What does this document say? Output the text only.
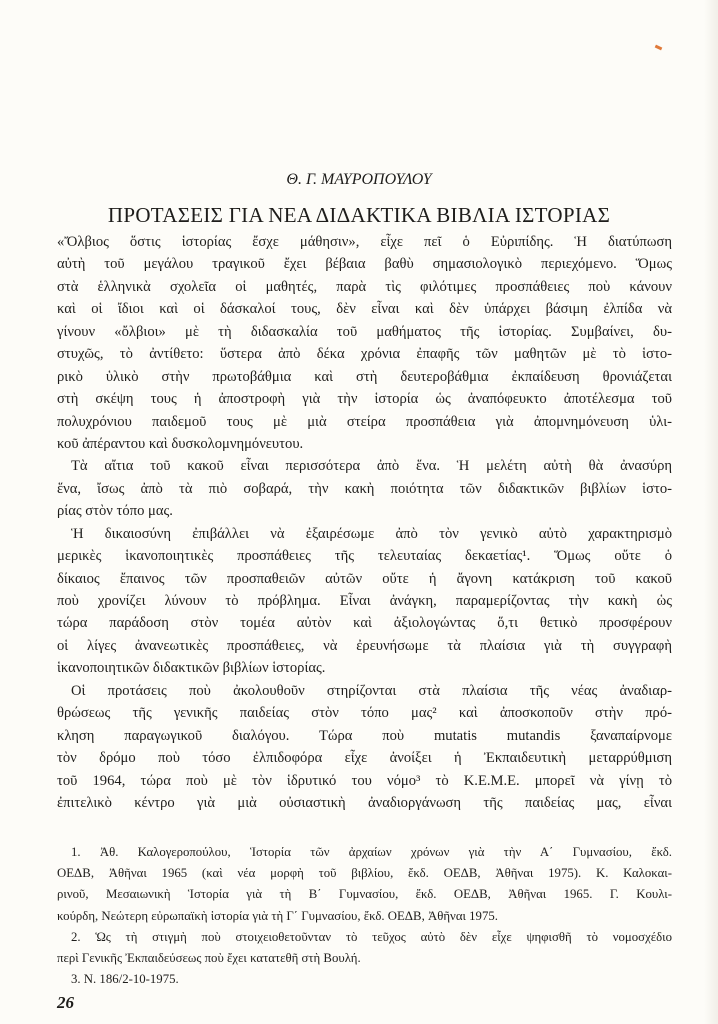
Θ. Γ. ΜΑΥΡΟΠΟΥΛΟΥ
ΠΡΟΤΑΣΕΙΣ ΓΙΑ ΝΕΑ ΔΙΔΑΚΤΙΚΑ ΒΙΒΛΙΑ ΙΣΤΟΡΙΑΣ
«Ὄλβιος ὅστις ἱστορίας ἔσχε μάθησιν», εἶχε πεῖ ὁ Εὐριπίδης. Ἡ διατύπωση
αὐτὴ τοῦ μεγάλου τραγικοῦ ἔχει βέβαια βαθὺ σημασιολογικὸ περιεχόμενο. Ὅμως
στὰ ἑλληνικὰ σχολεῖα οἱ μαθητές, παρὰ τὶς φιλότιμες προσπάθειες ποὺ κάνουν
καὶ οἱ ἴδιοι καὶ οἱ δάσκαλοί τους, δὲν εἶναι καὶ δὲν ὑπάρχει βάσιμη ἐλπίδα νὰ
γίνουν «ὄλβιοι» μὲ τὴ διδασκαλία τοῦ μαθήματος τῆς ἱστορίας. Συμβαίνει, δυ-
στυχῶς, τὸ ἀντίθετο: ὕστερα ἀπὸ δέκα χρόνια ἐπαφῆς τῶν μαθητῶν μὲ τὸ ἱστο-
ρικὸ ὑλικὸ στὴν πρωτοβάθμια καὶ στὴ δευτεροβάθμια ἐκπαίδευση θρονιάζεται
στὴ σκέψη τους ἡ ἀποστροφὴ γιὰ τὴν ἱστορία ὡς ἀναπόφευκτο ἀποτέλεσμα τοῦ
πολυχρόνιου παιδεμοῦ τους μὲ μιὰ στείρα προσπάθεια γιὰ ἀπομνημόνευση ὑλι-
κοῦ ἀπέραντου καὶ δυσκολομνημόνευτου.
Τὰ αἴτια τοῦ κακοῦ εἶναι περισσότερα ἀπὸ ἕνα. Ἡ μελέτη αὐτὴ θὰ ἀνασύρη
ἕνα, ἴσως ἀπὸ τὰ πιὸ σοβαρά, τὴν κακὴ ποιότητα τῶν διδακτικῶν βιβλίων ἱστο-
ρίας στὸν τόπο μας.
Ἡ δικαιοσύνη ἐπιβάλλει νὰ ἐξαιρέσωμε ἀπὸ τὸν γενικὸ αὐτὸ χαρακτηρισμὸ
μερικὲς ἱκανοποιητικὲς προσπάθειες τῆς τελευταίας δεκαετίας¹. Ὅμως οὔτε ὁ
δίκαιος ἔπαινος τῶν προσπαθειῶν αὐτῶν οὔτε ἡ ἄγονη κατάκριση τοῦ κακοῦ
ποὺ χρονίζει λύνουν τὸ πρόβλημα. Εἶναι ἀνάγκη, παραμερίζοντας τὴν κακὴ ὡς
τώρα παράδοση στὸν τομέα αὐτὸν καὶ ἀξιολογώντας ὅ,τι θετικὸ προσφέρουν
οἱ λίγες ἀνανεωτικὲς προσπάθειες, νὰ ἐρευνήσωμε τὰ πλαίσια γιὰ τὴ συγγραφὴ
ἱκανοποιητικῶν διδακτικῶν βιβλίων ἱστορίας.
Οἱ προτάσεις ποὺ ἀκολουθοῦν στηρίζονται στὰ πλαίσια τῆς νέας ἀναδιαρ-
θρώσεως τῆς γενικῆς παιδείας στὸν τόπο μας² καὶ ἀποσκοποῦν στὴν πρό-
κληση παραγωγικοῦ διαλόγου. Τώρα ποὺ mutatis mutandis ξαναπαίρνομε
τὸν δρόμο ποὺ τόσο ἐλπιδοφόρα εἶχε ἀνοίξει ἡ Ἐκπαιδευτικὴ μεταρρύθμιση
τοῦ 1964, τώρα ποὺ μὲ τὸν ἱδρυτικό του νόμο³ τὸ Κ.Ε.Μ.Ε. μπορεῖ νὰ γίνῃ τὸ
ἐπιτελικὸ κέντρο γιὰ μιὰ οὐσιαστικὴ ἀναδιοργάνωση τῆς παιδείας μας, εἶναι
1. Ἀθ. Καλογεροπούλου, Ἱστορία τῶν ἀρχαίων χρόνων γιὰ τὴν Α΄ Γυμνασίου, ἔκδ.
ΟΕΔΒ, Ἀθῆναι 1965 (καὶ νέα μορφὴ τοῦ βιβλίου, ἔκδ. ΟΕΔΒ, Ἀθῆναι 1975). Κ. Καλοκαι-
ρινοῦ, Μεσαιωνικὴ Ἱστορία γιὰ τὴ Β΄ Γυμνασίου, ἔκδ. ΟΕΔΒ, Ἀθῆναι 1965. Γ. Κουλι-
κούρδη, Νεώτερη εὐρωπαϊκὴ ἱστορία γιὰ τὴ Γ΄ Γυμνασίου, ἔκδ. ΟΕΔΒ, Ἀθῆναι 1975.
2. Ὡς τὴ στιγμὴ ποὺ στοιχειοθετοῦνταν τὸ τεῦχος αὐτὸ δὲν εἶχε ψηφισθῆ τὸ νομοσχέδιο
περὶ Γενικῆς Ἐκπαιδεύσεως ποὺ ἔχει κατατεθῆ στὴ Βουλή.
3. Ν. 186/2-10-1975.
26
